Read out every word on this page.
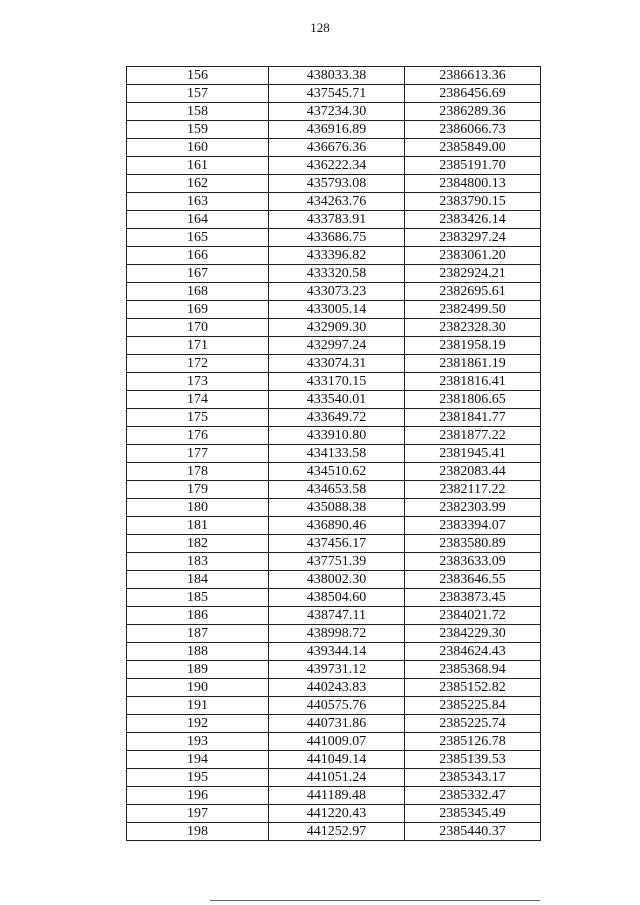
128
156	438033.38	2386613.36
157	437545.71	2386456.69
158	437234.30	2386289.36
159	436916.89	2386066.73
160	436676.36	2385849.00
161	436222.34	2385191.70
162	435793.08	2384800.13
163	434263.76	2383790.15
164	433783.91	2383426.14
165	433686.75	2383297.24
166	433396.82	2383061.20
167	433320.58	2382924.21
168	433073.23	2382695.61
169	433005.14	2382499.50
170	432909.30	2382328.30
171	432997.24	2381958.19
172	433074.31	2381861.19
173	433170.15	2381816.41
174	433540.01	2381806.65
175	433649.72	2381841.77
176	433910.80	2381877.22
177	434133.58	2381945.41
178	434510.62	2382083.44
179	434653.58	2382117.22
180	435088.38	2382303.99
181	436890.46	2383394.07
182	437456.17	2383580.89
183	437751.39	2383633.09
184	438002.30	2383646.55
185	438504.60	2383873.45
186	438747.11	2384021.72
187	438998.72	2384229.30
188	439344.14	2384624.43
189	439731.12	2385368.94
190	440243.83	2385152.82
191	440575.76	2385225.84
192	440731.86	2385225.74
193	441009.07	2385126.78
194	441049.14	2385139.53
195	441051.24	2385343.17
196	441189.48	2385332.47
197	441220.43	2385345.49
198	441252.97	2385440.37
